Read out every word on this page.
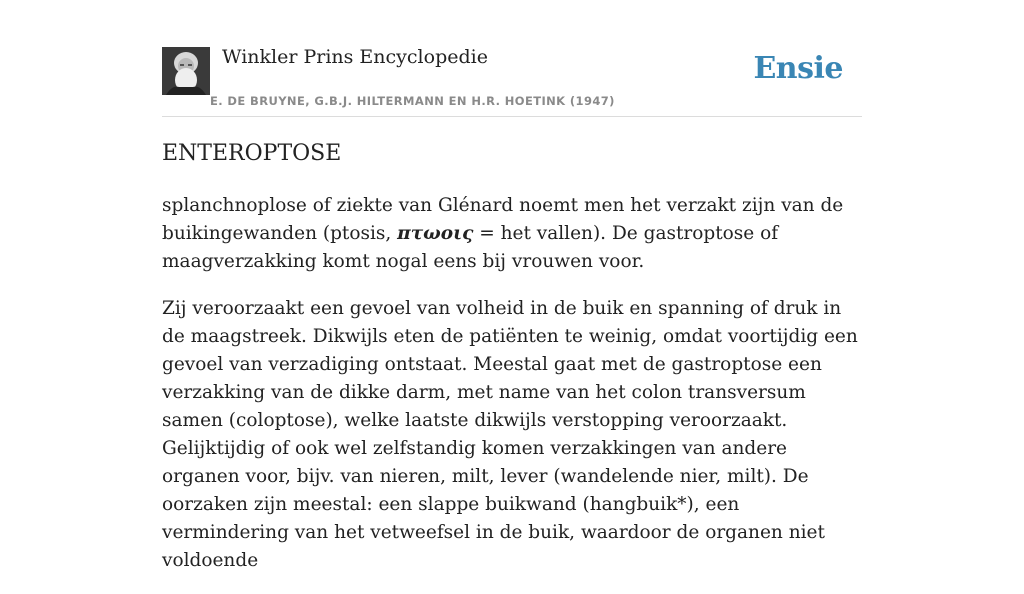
Winkler Prins Encyclopedie
E. DE BRUYNE, G.B.J. HILTERMANN EN H.R. HOETINK (1947)
Ensie
ENTEROPTOSE

splanchnoplose of ziekte van Glénard noemt men het verzakt zijn van de buikingewanden (ptosis, πτωοις = het vallen). De gastroptose of maagverzakking komt nogal eens bij vrouwen voor.

Zij veroorzaakt een gevoel van volheid in de buik en spanning of druk in de maagstreek. Dikwijls eten de patiënten te weinig, omdat voortijdig een gevoel van verzadiging ontstaat. Meestal gaat met de gastroptose een verzakking van de dikke darm, met name van het colon transversum samen (coloptose), welke laatste dikwijls verstopping veroorzaakt. Gelijktijdig of ook wel zelfstandig komen verzakkingen van andere organen voor, bijv. van nieren, milt, lever (wandelende nier, milt). De oorzaken zijn meestal: een slappe buikwand (hangbuik*), een vermindering van het vetweefsel in de buik, waardoor de organen niet voldoende
